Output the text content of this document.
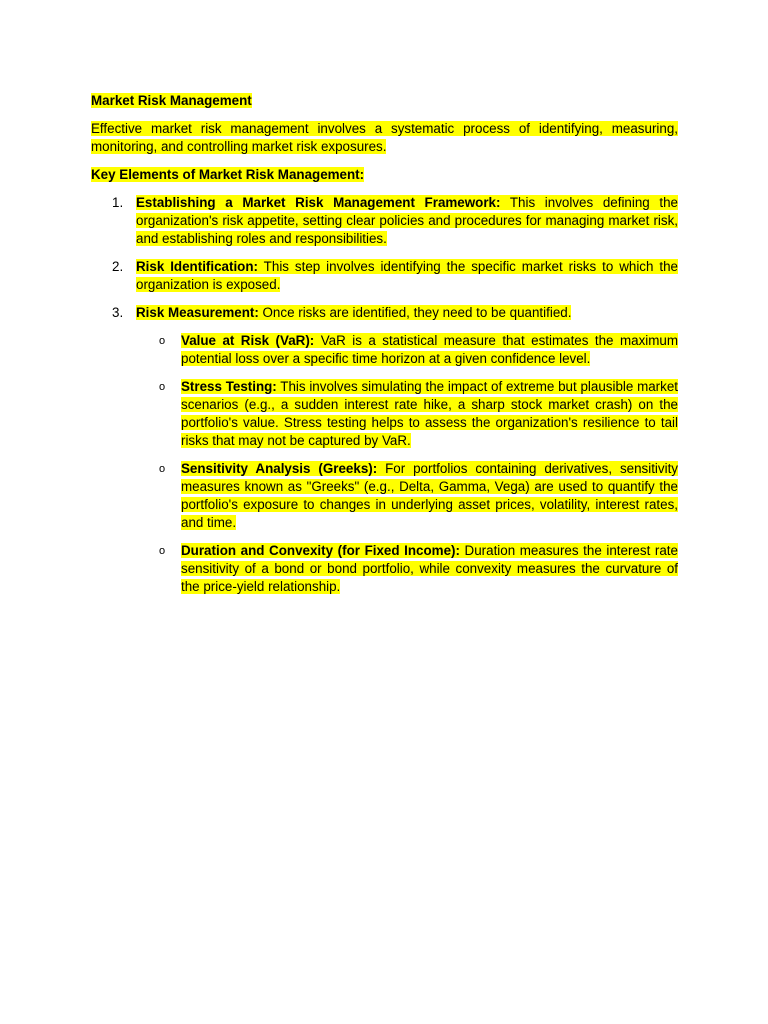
Market Risk Management

Effective market risk management involves a systematic process of identifying, measuring, monitoring, and controlling market risk exposures.

Key Elements of Market Risk Management:

1. Establishing a Market Risk Management Framework: This involves defining the organization's risk appetite, setting clear policies and procedures for managing market risk, and establishing roles and responsibilities.
2. Risk Identification: This step involves identifying the specific market risks to which the organization is exposed.
3. Risk Measurement: Once risks are identified, they need to be quantified.
o Value at Risk (VaR): VaR is a statistical measure that estimates the maximum potential loss over a specific time horizon at a given confidence level.
o Stress Testing: This involves simulating the impact of extreme but plausible market scenarios (e.g., a sudden interest rate hike, a sharp stock market crash) on the portfolio's value. Stress testing helps to assess the organization's resilience to tail risks that may not be captured by VaR.
o Sensitivity Analysis (Greeks): For portfolios containing derivatives, sensitivity measures known as "Greeks" (e.g., Delta, Gamma, Vega) are used to quantify the portfolio's exposure to changes in underlying asset prices, volatility, interest rates, and time.
o Duration and Convexity (for Fixed Income): Duration measures the interest rate sensitivity of a bond or bond portfolio, while convexity measures the curvature of the price-yield relationship.
